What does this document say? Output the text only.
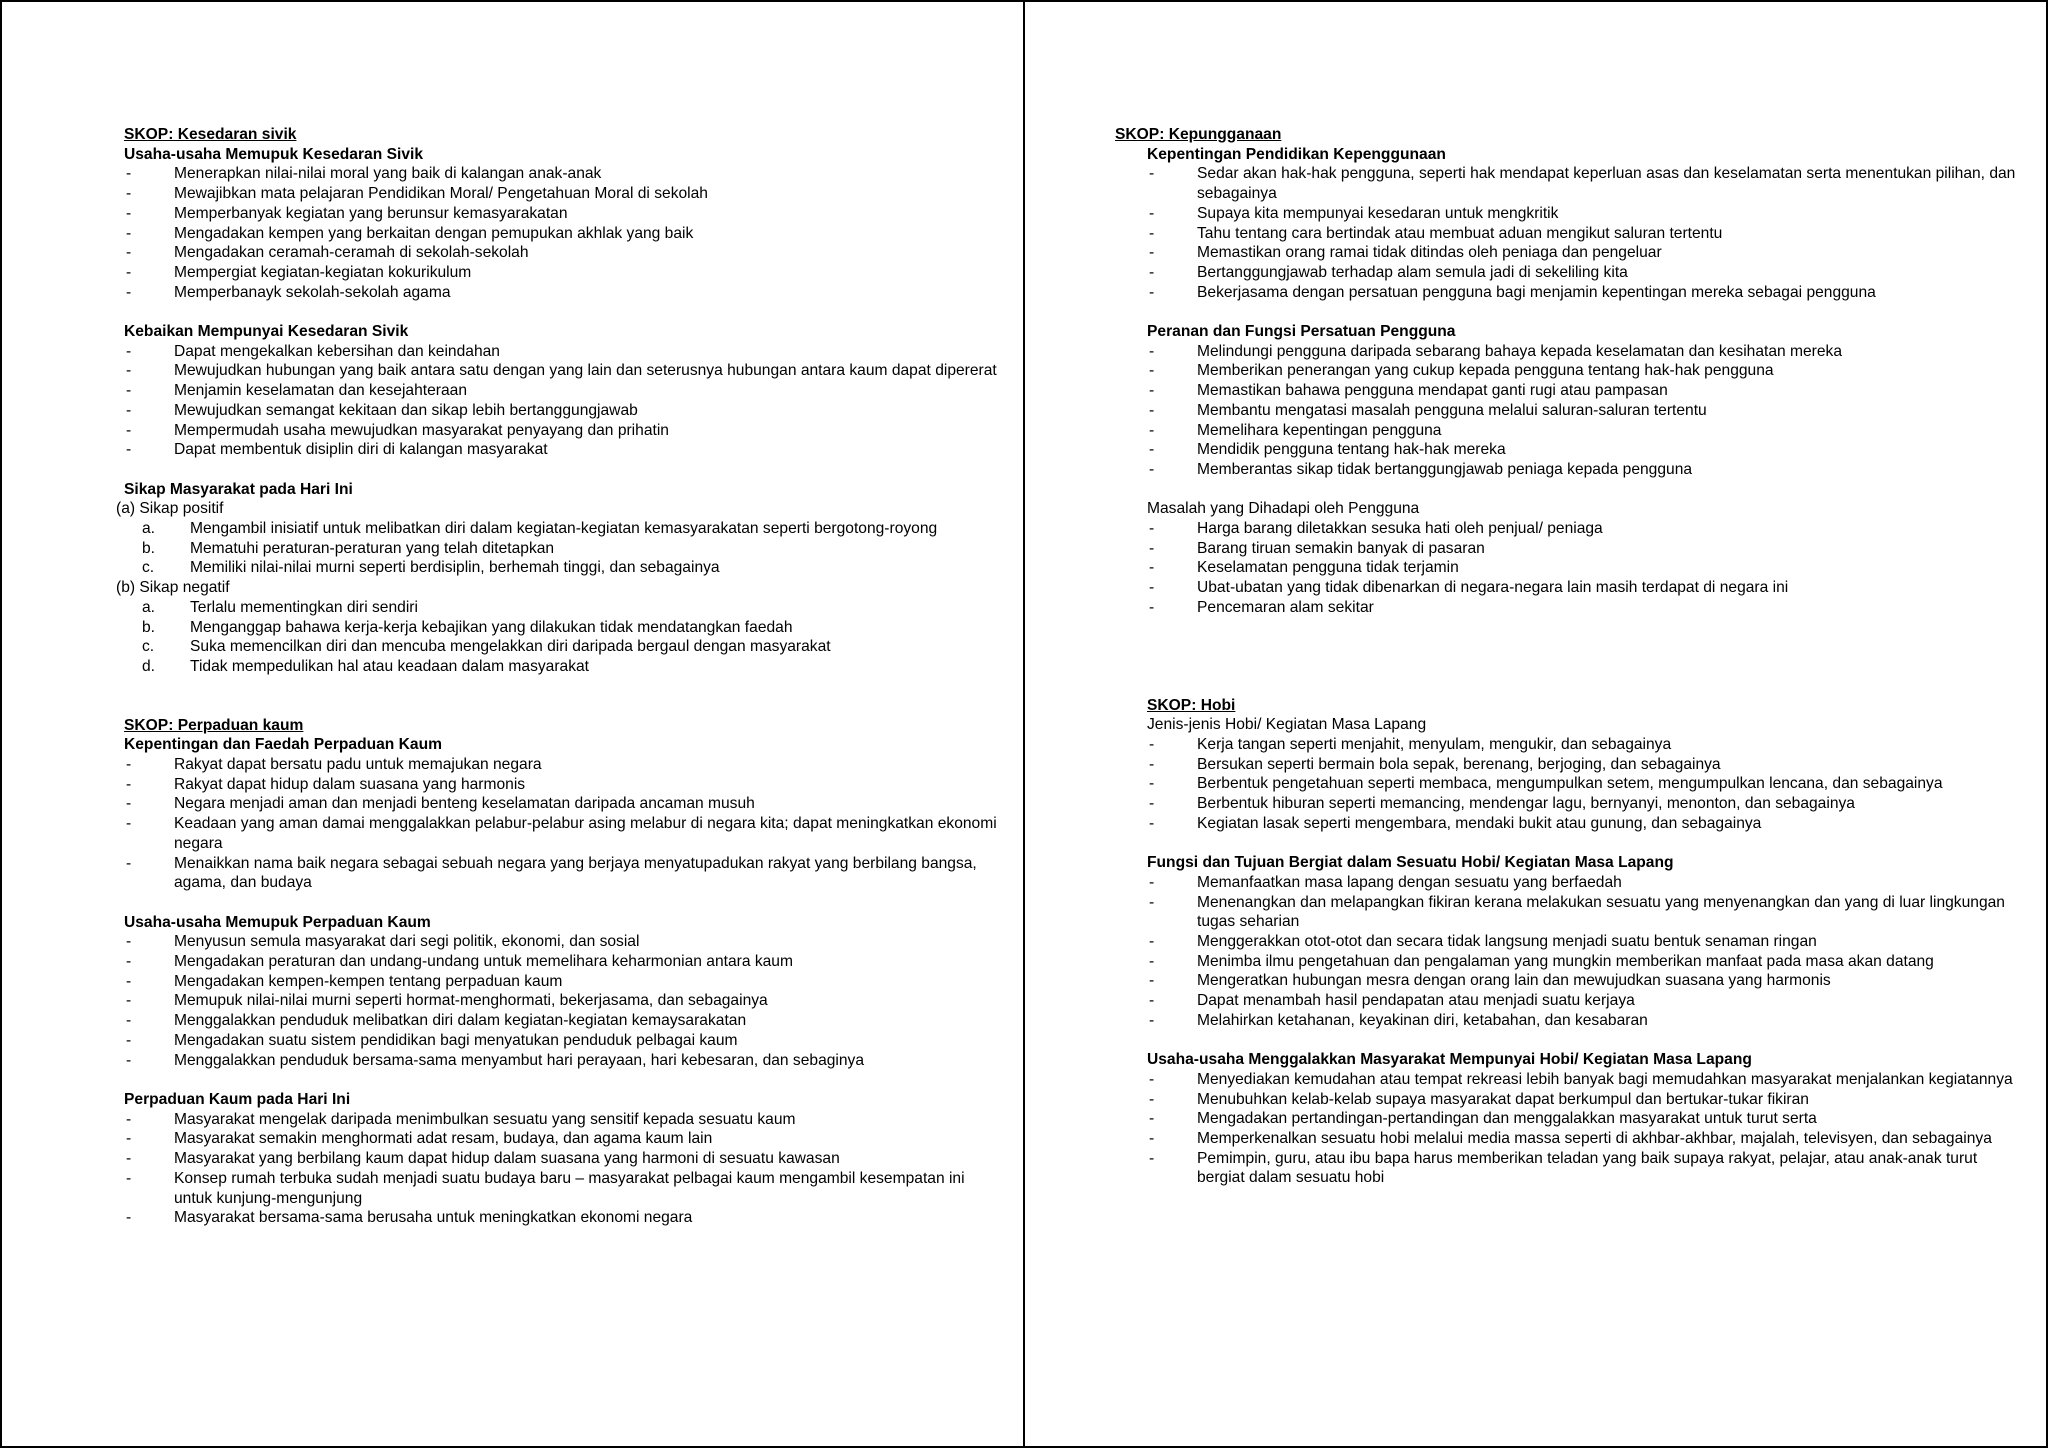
SKOP: Kesedaran sivik
Usaha-usaha Memupuk Kesedaran Sivik
-	Menerapkan nilai-nilai moral yang baik di kalangan anak-anak
-	Mewajibkan mata pelajaran Pendidikan Moral/ Pengetahuan Moral di sekolah
-	Memperbanyak kegiatan yang berunsur kemasyarakatan
-	Mengadakan kempen yang berkaitan dengan pemupukan akhlak yang baik
-	Mengadakan ceramah-ceramah di sekolah-sekolah
-	Mempergiat kegiatan-kegiatan kokurikulum
-	Memperbanayk sekolah-sekolah agama
Kebaikan Mempunyai Kesedaran Sivik
-	Dapat mengekalkan kebersihan dan keindahan
-	Mewujudkan hubungan yang baik antara satu dengan yang lain dan seterusnya hubungan antara kaum dapat dipererat
-	Menjamin keselamatan dan kesejahteraan
-	Mewujudkan semangat kekitaan dan sikap lebih bertanggungjawab
-	Mempermudah usaha mewujudkan masyarakat penyayang dan prihatin
-	Dapat membentuk disiplin diri di kalangan masyarakat
Sikap Masyarakat pada Hari Ini
(a) Sikap positif
a. Mengambil inisiatif untuk melibatkan diri dalam kegiatan-kegiatan kemasyarakatan seperti bergotong-royong
b. Mematuhi peraturan-peraturan yang telah ditetapkan
c. Memiliki nilai-nilai murni seperti berdisiplin, berhemah tinggi, dan sebagainya
(b) Sikap negatif
a. Terlalu mementingkan diri sendiri
b. Menganggap bahawa kerja-kerja kebajikan yang dilakukan tidak mendatangkan faedah
c. Suka memencilkan diri dan mencuba mengelakkan diri daripada bergaul dengan masyarakat
d. Tidak mempedulikan hal atau keadaan dalam masyarakat
SKOP: Perpaduan kaum
Kepentingan dan Faedah Perpaduan Kaum
-	Rakyat dapat bersatu padu untuk memajukan negara
-	Rakyat dapat hidup dalam suasana yang harmonis
-	Negara menjadi aman dan menjadi benteng keselamatan daripada ancaman musuh
-	Keadaan yang aman damai menggalakkan pelabur-pelabur asing melabur di negara kita; dapat meningkatkan ekonomi negara
-	Menaikkan nama baik negara sebagai sebuah negara yang berjaya menyatupadukan rakyat yang berbilang bangsa, agama, dan budaya
Usaha-usaha Memupuk Perpaduan Kaum
-	Menyusun semula masyarakat dari segi politik, ekonomi, dan sosial
-	Mengadakan peraturan dan undang-undang untuk memelihara keharmonian antara kaum
-	Mengadakan kempen-kempen tentang perpaduan kaum
-	Memupuk nilai-nilai murni seperti hormat-menghormati, bekerjasama, dan sebagainya
-	Menggalakkan penduduk melibatkan diri dalam kegiatan-kegiatan kemaysarakatan
-	Mengadakan suatu sistem pendidikan bagi menyatukan penduduk pelbagai kaum
-	Menggalakkan penduduk bersama-sama menyambut hari perayaan, hari kebesaran, dan sebaginya
Perpaduan Kaum pada Hari Ini
-	Masyarakat mengelak daripada menimbulkan sesuatu yang sensitif kepada sesuatu kaum
-	Masyarakat semakin menghormati adat resam, budaya, dan agama kaum lain
-	Masyarakat yang berbilang kaum dapat hidup dalam suasana yang harmoni di sesuatu kawasan
-	Konsep rumah terbuka sudah menjadi suatu budaya baru – masyarakat pelbagai kaum mengambil kesempatan ini untuk kunjung-mengunjung
-	Masyarakat bersama-sama berusaha untuk meningkatkan ekonomi negara
SKOP: Kepungganaan
Kepentingan Pendidikan Kepenggunaan
-	Sedar akan hak-hak pengguna, seperti hak mendapat keperluan asas dan keselamatan serta menentukan pilihan, dan sebagainya
-	Supaya kita mempunyai kesedaran untuk mengkritik
-	Tahu tentang cara bertindak atau membuat aduan mengikut saluran tertentu
-	Memastikan orang ramai tidak ditindas oleh peniaga dan pengeluar
-	Bertanggungjawab terhadap alam semula jadi di sekeliling kita
-	Bekerjasama dengan persatuan pengguna bagi menjamin kepentingan mereka sebagai pengguna
Peranan dan Fungsi Persatuan Pengguna
-	Melindungi pengguna daripada sebarang bahaya kepada keselamatan dan kesihatan mereka
-	Memberikan penerangan yang cukup kepada pengguna tentang hak-hak pengguna
-	Memastikan bahawa pengguna mendapat ganti rugi atau pampasan
-	Membantu mengatasi masalah pengguna melalui saluran-saluran tertentu
-	Memelihara kepentingan pengguna
-	Mendidik pengguna tentang hak-hak mereka
-	Memberantas sikap tidak bertanggungjawab peniaga kepada pengguna
Masalah yang Dihadapi oleh Pengguna
-	Harga barang diletakkan sesuka hati oleh penjual/ peniaga
-	Barang tiruan semakin banyak di pasaran
-	Keselamatan pengguna tidak terjamin
-	Ubat-ubatan yang tidak dibenarkan di negara-negara lain masih terdapat di negara ini
-	Pencemaran alam sekitar
SKOP: Hobi
Jenis-jenis Hobi/ Kegiatan Masa Lapang
-	Kerja tangan seperti menjahit, menyulam, mengukir, dan sebagainya
-	Bersukan seperti bermain bola sepak, berenang, berjoging, dan sebagainya
-	Berbentuk pengetahuan seperti membaca, mengumpulkan setem, mengumpulkan lencana, dan sebagainya
-	Berbentuk hiburan seperti memancing, mendengar lagu, bernyanyi, menonton, dan sebagainya
-	Kegiatan lasak seperti mengembara, mendaki bukit atau gunung, dan sebagainya
Fungsi dan Tujuan Bergiat dalam Sesuatu Hobi/ Kegiatan Masa Lapang
-	Memanfaatkan masa lapang dengan sesuatu yang berfaedah
-	Menenangkan dan melapangkan fikiran kerana melakukan sesuatu yang menyenangkan dan yang di luar lingkungan tugas seharian
-	Menggerakkan otot-otot dan secara tidak langsung menjadi suatu bentuk senaman ringan
-	Menimba ilmu pengetahuan dan pengalaman yang mungkin memberikan manfaat pada masa akan datang
-	Mengeratkan hubungan mesra dengan orang lain dan mewujudkan suasana yang harmonis
-	Dapat menambah hasil pendapatan atau menjadi suatu kerjaya
-	Melahirkan ketahanan, keyakinan diri, ketabahan, dan kesabaran
Usaha-usaha Menggalakkan Masyarakat Mempunyai Hobi/ Kegiatan Masa Lapang
-	Menyediakan kemudahan atau tempat rekreasi lebih banyak bagi memudahkan masyarakat menjalankan kegiatannya
-	Menubuhkan kelab-kelab supaya masyarakat dapat berkumpul dan bertukar-tukar fikiran
-	Mengadakan pertandingan-pertandingan dan menggalakkan masyarakat untuk turut serta
-	Memperkenalkan sesuatu hobi melalui media massa seperti di akhbar-akhbar, majalah, televisyen, dan sebagainya
-	Pemimpin, guru, atau ibu bapa harus memberikan teladan yang baik supaya rakyat, pelajar, atau anak-anak turut bergiat dalam sesuatu hobi
